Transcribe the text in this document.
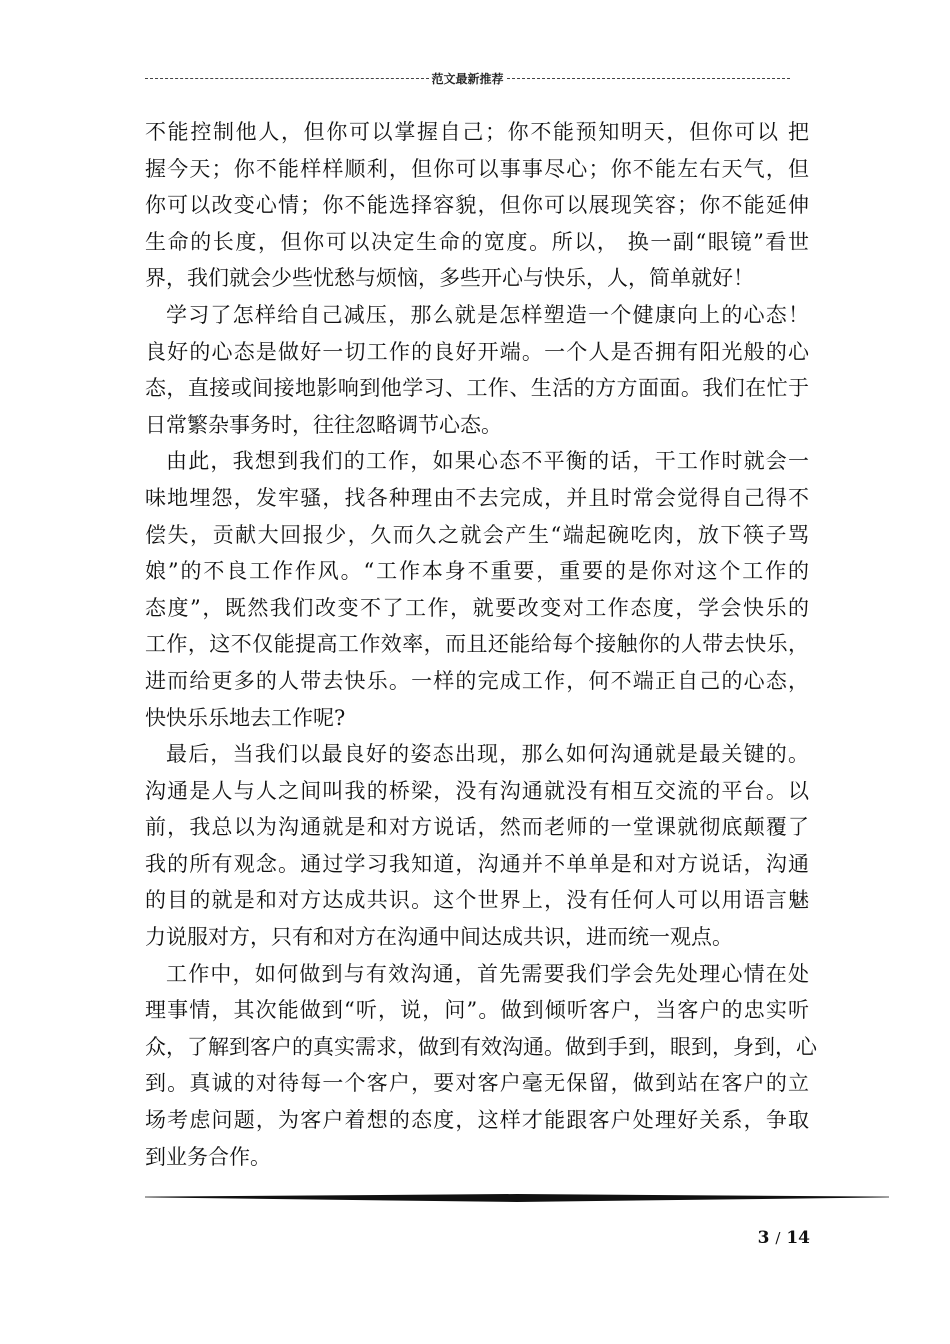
范文最新推荐
不能控制他人，但你可以掌握自己；你不能预知明天，但你可以 把
握今天；你不能样样顺利，但你可以事事尽心；你不能左右天气，但
你可以改变心情；你不能选择容貌，但你可以展现笑容；你不能延伸
生命的长度，但你可以决定生命的宽度。所以， 换一副“眼镜”看世
界，我们就会少些忧愁与烦恼，多些开心与快乐，人，简单就好！
学习了怎样给自己减压，那么就是怎样塑造一个健康向上的心态！
良好的心态是做好一切工作的良好开端。一个人是否拥有阳光般的心
态，直接或间接地影响到他学习、工作、生活的方方面面。我们在忙于
日常繁杂事务时，往往忽略调节心态。
由此，我想到我们的工作，如果心态不平衡的话，干工作时就会一
味地埋怨，发牢骚，找各种理由不去完成，并且时常会觉得自己得不
偿失，贡献大回报少，久而久之就会产生“端起碗吃肉，放下筷子骂
娘”的不良工作作风。“工作本身不重要，重要的是你对这个工作的
态度”，既然我们改变不了工作，就要改变对工作态度，学会快乐的
工作，这不仅能提高工作效率，而且还能给每个接触你的人带去快乐，
进而给更多的人带去快乐。一样的完成工作，何不端正自己的心态，
快快乐乐地去工作呢?
最后，当我们以最良好的姿态出现，那么如何沟通就是最关键的。
沟通是人与人之间叫我的桥梁，没有沟通就没有相互交流的平台。以
前，我总以为沟通就是和对方说话，然而老师的一堂课就彻底颠覆了
我的所有观念。通过学习我知道，沟通并不单单是和对方说话，沟通
的目的就是和对方达成共识。这个世界上，没有任何人可以用语言魅
力说服对方，只有和对方在沟通中间达成共识，进而统一观点。
工作中，如何做到与有效沟通，首先需要我们学会先处理心情在处
理事情，其次能做到“听，说，问”。做到倾听客户，当客户的忠实听
众，了解到客户的真实需求，做到有效沟通。做到手到，眼到，身到，心
到。真诚的对待每一个客户，要对客户毫无保留，做到站在客户的立
场考虑问题，为客户着想的态度，这样才能跟客户处理好关系，争取
到业务合作。
3 / 14
